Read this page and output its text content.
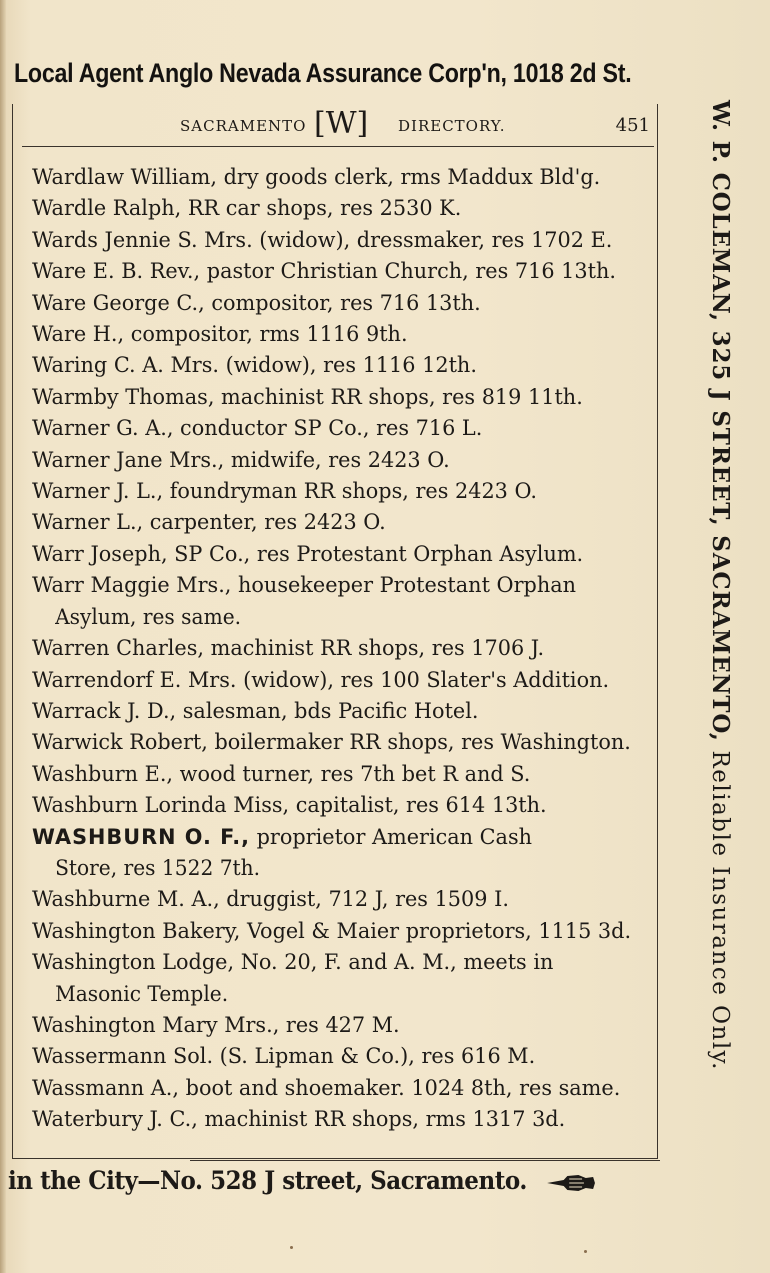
Local Agent Anglo Nevada Assurance Corp'n, 1018 2d St.
SACRAMENTO [W] DIRECTORY.	451
Wardlaw William, dry goods clerk, rms Maddux Bld'g.
Wardle Ralph, RR car shops, res 2530 K.
Wards Jennie S. Mrs. (widow), dressmaker, res 1702 E.
Ware E. B. Rev., pastor Christian Church, res 716 13th.
Ware George C., compositor, res 716 13th.
Ware H., compositor, rms 1116 9th.
Waring C. A. Mrs. (widow), res 1116 12th.
Warmby Thomas, machinist RR shops, res 819 11th.
Warner G. A., conductor SP Co., res 716 L.
Warner Jane Mrs., midwife, res 2423 O.
Warner J. L., foundryman RR shops, res 2423 O.
Warner L., carpenter, res 2423 O.
Warr Joseph, SP Co., res Protestant Orphan Asylum.
Warr Maggie Mrs., housekeeper Protestant Orphan
Asylum, res same.
Warren Charles, machinist RR shops, res 1706 J.
Warrendorf E. Mrs. (widow), res 100 Slater's Addition.
Warrack J. D., salesman, bds Pacific Hotel.
Warwick Robert, boilermaker RR shops, res Washington.
Washburn E., wood turner, res 7th bet R and S.
Washburn Lorinda Miss, capitalist, res 614 13th.
WASHBURN O. F., proprietor American Cash
Store, res 1522 7th.
Washburne M. A., druggist, 712 J, res 1509 I.
Washington Bakery, Vogel & Maier proprietors, 1115 3d.
Washington Lodge, No. 20, F. and A. M., meets in
Masonic Temple.
Washington Mary Mrs., res 427 M.
Wassermann Sol. (S. Lipman & Co.), res 616 M.
Wassmann A., boot and shoemaker. 1024 8th, res same.
Waterbury J. C., machinist RR shops, rms 1317 3d.
W. P. COLEMAN, 325 J STREET, SACRAMENTO, Reliable Insurance Only.
in the City—No. 528 J street, Sacramento.
